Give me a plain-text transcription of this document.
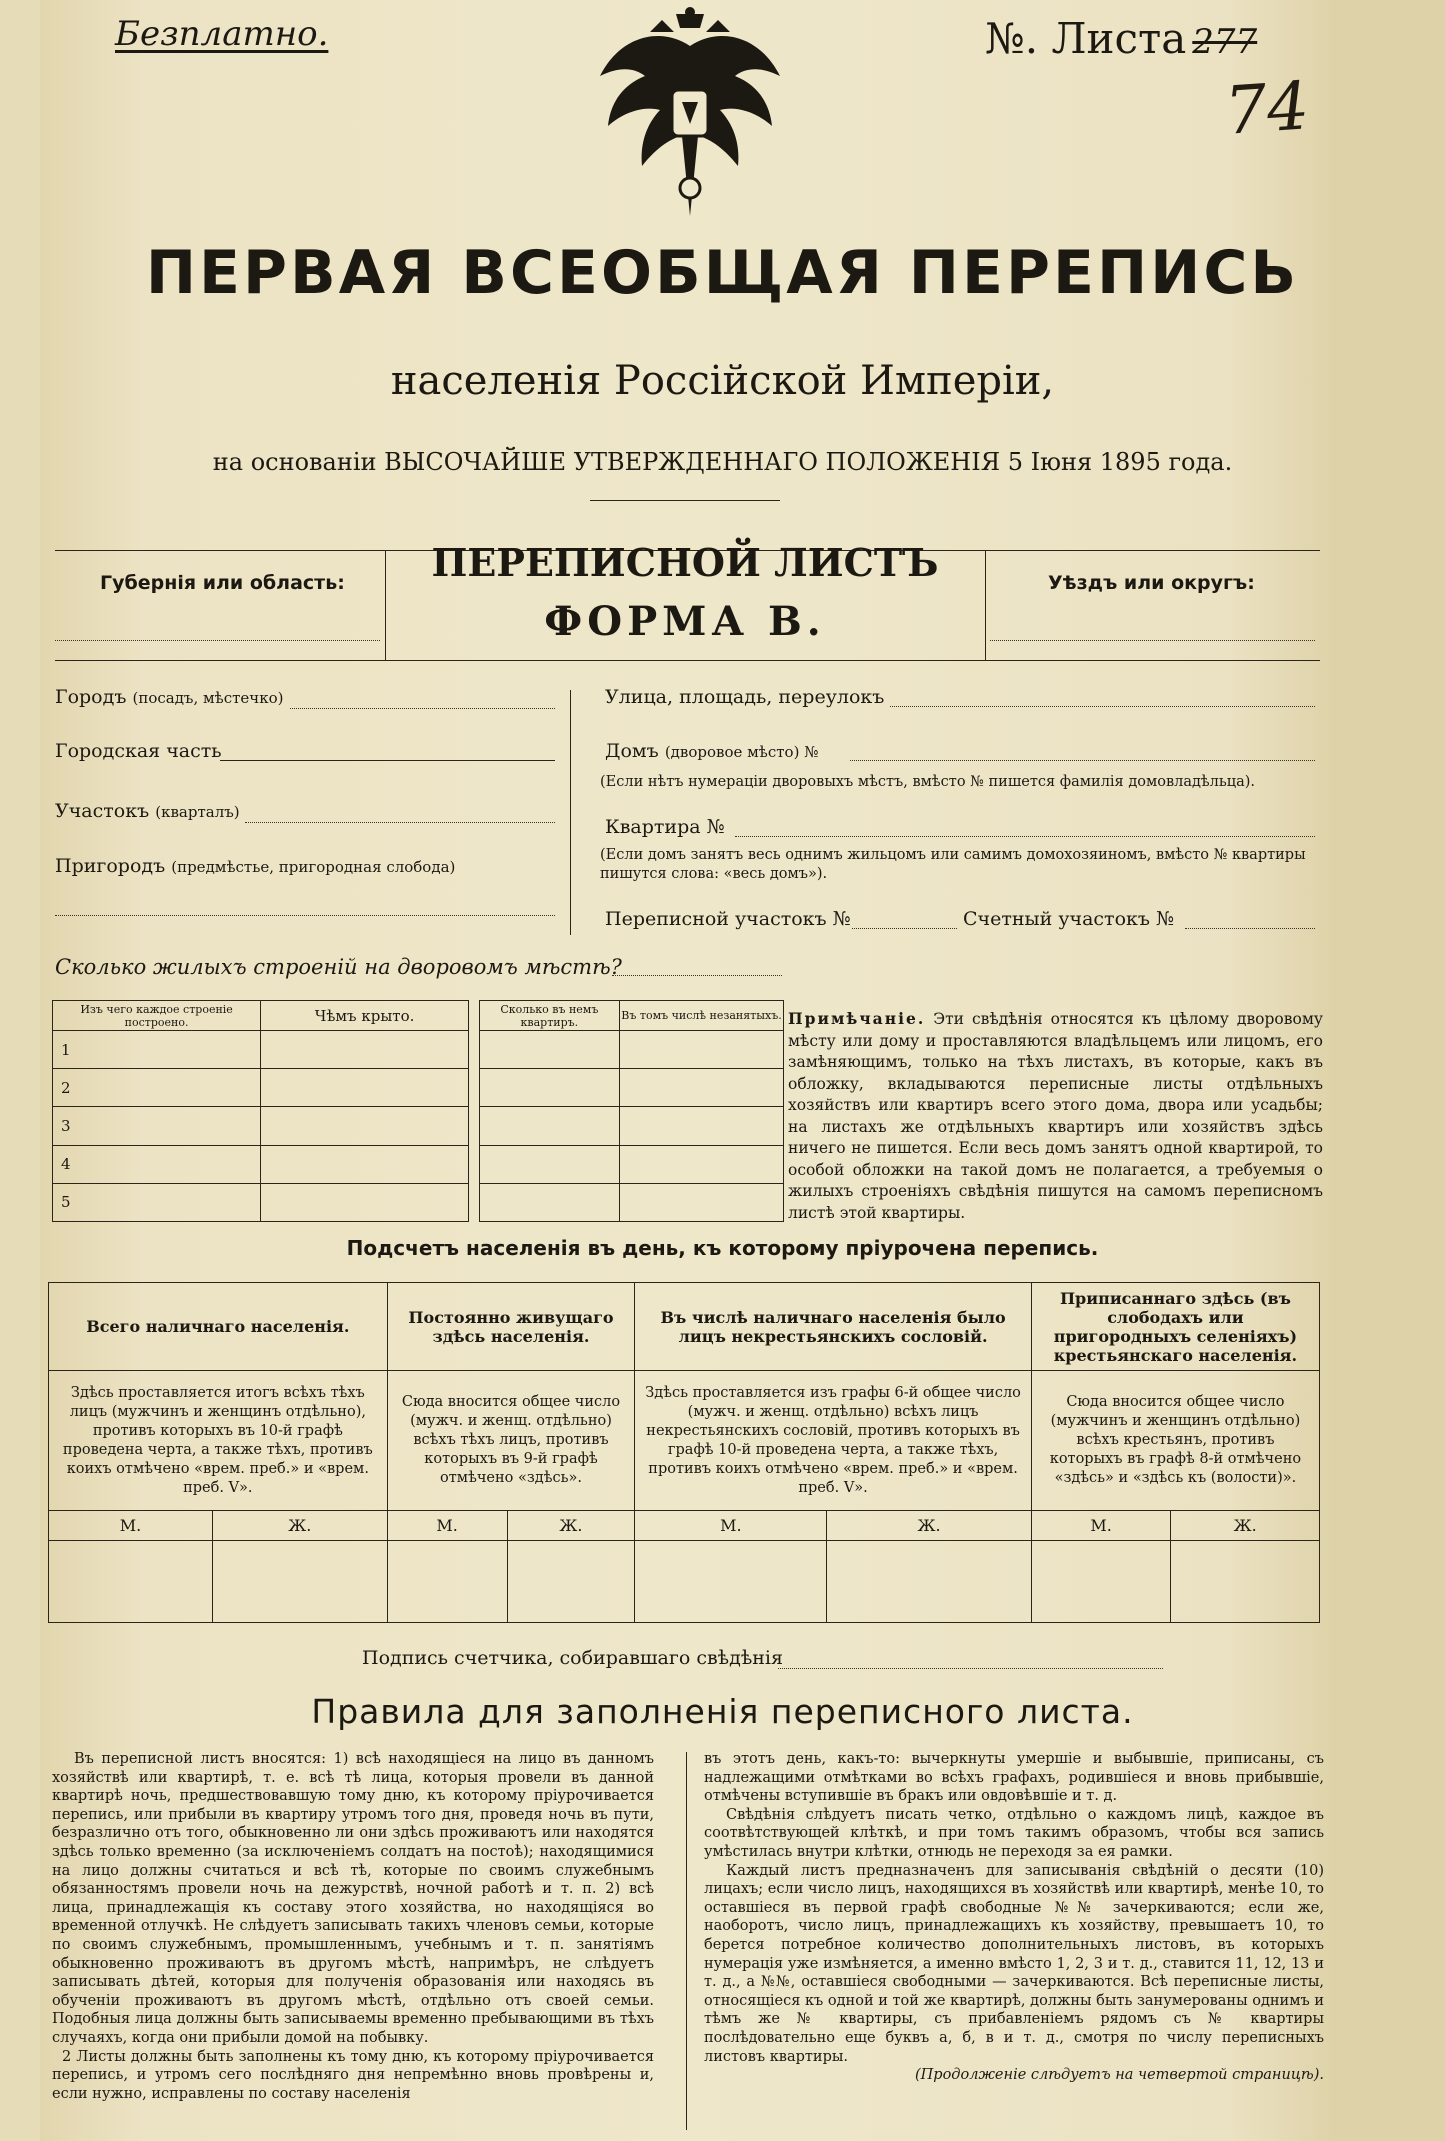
Безплатно.	№. Листа 277
74
ПЕРВАЯ ВСЕОБЩАЯ ПЕРЕПИСЬ
населенія Россійской Имперіи,
на основаніи ВЫСОЧАЙШЕ УТВЕРЖДЕННАГО ПОЛОЖЕНІЯ 5 Іюня 1895 года.
Губернія или область:	ПЕРЕПИСНОЙ ЛИСТЪ
ФОРМА В.
Уѣздъ или округъ:
Городъ (посадъ, мѣстечко)
Городская часть
Участокъ (кварталъ)
Пригородъ (предмѣстье, пригородная слобода)
Улица, площадь, переулокъ
Домъ (дворовое мѣсто) №
(Если нѣтъ нумераціи дворовыхъ мѣстъ, вмѣсто № пишется фамилія домовладѣльца).
Квартира №
(Если домъ занятъ весь однимъ жильцомъ или самимъ домохозяиномъ, вмѣсто № квартиры пишутся слова: «весь домъ»).
Переписной участокъ №	Счетный участокъ №
Сколько жилыхъ строеній на дворовомъ мѣстѣ?
Изъ чего каждое строеніе построено.	Чѣмъ крыто.		Сколько въ немъ квартиръ.	Въ томъ числѣ незанятыхъ.
1				
2				
3				
4				
5				
Примѣчаніе. Эти свѣдѣнія относятся къ цѣлому дворовому мѣсту или дому и проставляются владѣльцемъ или лицомъ, его замѣняющимъ, только на тѣхъ листахъ, въ которые, какъ въ обложку, вкладываются переписные листы отдѣльныхъ хозяйствъ или квартиръ всего этого дома, двора или усадьбы; на листахъ же отдѣльныхъ квартиръ или хозяйствъ здѣсь ничего не пишется. Если весь домъ занятъ одной квартирой, то особой обложки на такой домъ не полагается, а требуемыя о жилыхъ строеніяхъ свѣдѣнія пишутся на самомъ переписномъ листѣ этой квартиры.
Подсчетъ населенія въ день, къ которому пріурочена перепись.
Всего наличнаго населенія.		Постоянно живущаго здѣсь населенія.		Въ числѣ наличнаго населенія было лицъ некрестьянскихъ сословій.		Приписаннаго здѣсь (въ слободахъ или пригородныхъ селеніяхъ) крестьянскаго населенія.	
Здѣсь проставляется итогъ всѣхъ тѣхъ лицъ (мужчинъ и женщинъ отдѣльно), противъ которыхъ въ 10-й графѣ проведена черта, а также тѣхъ, противъ коихъ отмѣчено «врем. преб.» и «врем. преб. V».		Сюда вносится общее число (мужч. и женщ. отдѣльно) всѣхъ тѣхъ лицъ, противъ которыхъ въ 9-й графѣ отмѣчено «здѣсь».		Здѣсь проставляется изъ графы 6-й общее число (мужч. и женщ. отдѣльно) всѣхъ лицъ некрестьянскихъ сословій, противъ которыхъ въ графѣ 10-й проведена черта, а также тѣхъ, противъ коихъ отмѣчено «врем. преб.» и «врем. преб. V».		Сюда вносится общее число (мужчинъ и женщинъ отдѣльно) всѣхъ крестьянъ, противъ которыхъ въ графѣ 8-й отмѣчено «здѣсь» и «здѣсь къ (волости)».	
М.	Ж.	М.	Ж.	М.	Ж.	М.	Ж.

Подпись счетчика, собиравшаго свѣдѣнія
Правила для заполненія переписного листа.

Въ переписной листъ вносятся: 1) всѣ находящіеся на лицо въ данномъ хозяйствѣ или квартирѣ, т. е. всѣ тѣ лица, которыя провели въ данной квартирѣ ночь, предшествовавшую тому дню, къ которому пріурочивается перепись, или прибыли въ квартиру утромъ того дня, проведя ночь въ пути, безразлично отъ того, обыкновенно ли они здѣсь проживаютъ или находятся здѣсь только временно (за исключеніемъ солдатъ на постоѣ); находящимися на лицо должны считаться и всѣ тѣ, которые по своимъ служебнымъ обязанностямъ провели ночь на дежурствѣ, ночной работѣ и т. п. 2) всѣ лица, принадлежащія къ составу этого хозяйства, но находящіяся во временной отлучкѣ. Не слѣдуетъ записывать такихъ членовъ семьи, которые по своимъ служебнымъ, промышленнымъ, учебнымъ и т. п. занятіямъ обыкновенно проживаютъ въ другомъ мѣстѣ, напримѣръ, не слѣдуетъ записывать дѣтей, которыя для полученія образованія или находясь въ обученіи проживаютъ въ другомъ мѣстѣ, отдѣльно отъ своей семьи. Подобныя лица должны быть записываемы временно пребывающими въ тѣхъ случаяхъ, когда они прибыли домой на побывку.

2 Листы должны быть заполнены къ тому дню, къ которому пріурочивается перепись, и утромъ сего послѣдняго дня непремѣнно вновь провѣрены и, если нужно, исправлены по составу населенія

въ этотъ день, какъ-то: вычеркнуты умершіе и выбывшіе, приписаны, съ надлежащими отмѣтками во всѣхъ графахъ, родившіеся и вновь прибывшіе, отмѣчены вступившіе въ бракъ или овдовѣвшіе и т. д.

Свѣдѣнія слѣдуетъ писать четко, отдѣльно о каждомъ лицѣ, каждое въ соотвѣтствующей клѣткѣ, и при томъ такимъ образомъ, чтобы вся запись умѣстилась внутри клѣтки, отнюдь не переходя за ея рамки.

Каждый листъ предназначенъ для записыванія свѣдѣній о десяти (10) лицахъ; если число лицъ, находящихся въ хозяйствѣ или квартирѣ, менѣе 10, то оставшіеся въ первой графѣ свободные №№ зачеркиваются; если же, наоборотъ, число лицъ, принадлежащихъ къ хозяйству, превышаетъ 10, то берется потребное количество дополнительныхъ листовъ, въ которыхъ нумерація уже измѣняется, а именно вмѣсто 1, 2, 3 и т. д., ставится 11, 12, 13 и т. д., а №№, оставшіеся свободными — зачеркиваются. Всѣ переписные листы, относящіеся къ одной и той же квартирѣ, должны быть занумерованы однимъ и тѣмъ же № квартиры, съ прибавленіемъ рядомъ съ № квартиры послѣдовательно еще буквъ а, б, в и т. д., смотря по числу переписныхъ листовъ квартиры.

(Продолженіе слѣдуетъ на четвертой страницѣ).
